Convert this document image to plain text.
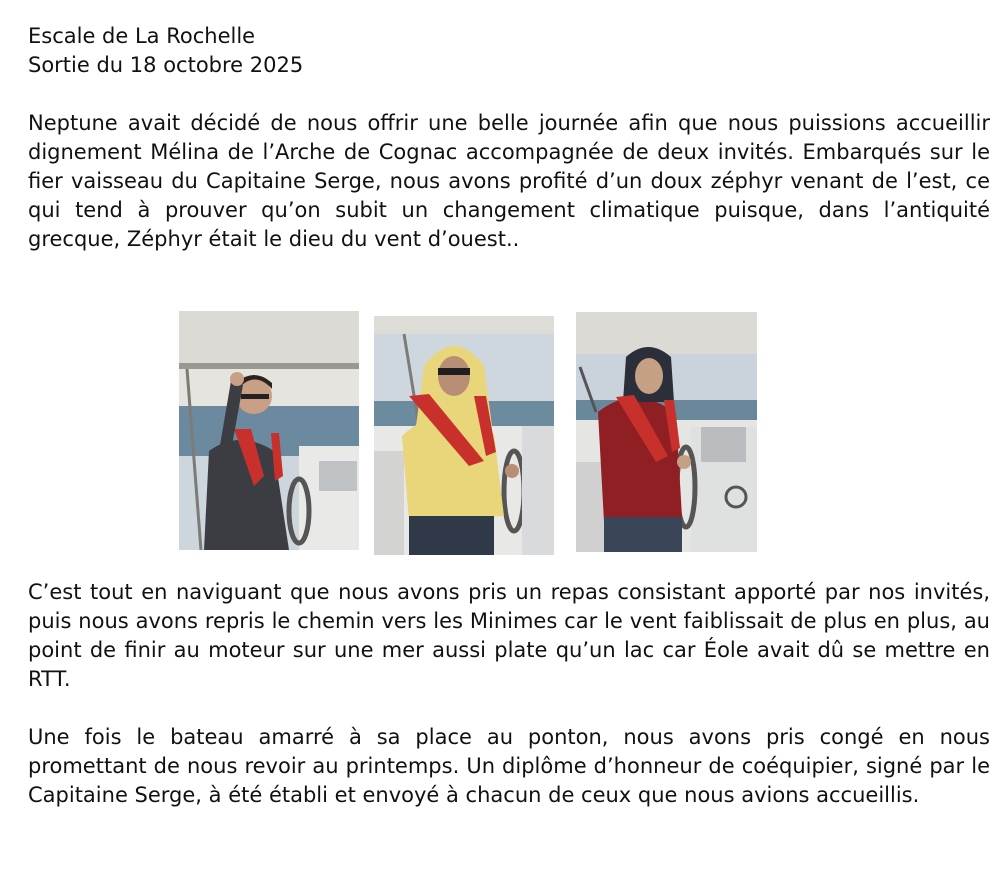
Escale de La Rochelle
Sortie du 18 octobre 2025

Neptune avait décidé de nous offrir une belle journée afin que nous puissions accueillir dignement Mélina de l’Arche de Cognac accompagnée de deux invités. Embarqués sur le fier vaisseau du Capitaine Serge, nous avons profité d’un doux zéphyr venant de l’est, ce qui tend à prouver qu’on subit un changement climatique puisque, dans l’antiquité grecque, Zéphyr était le dieu du vent d’ouest..

C’est tout en naviguant que nous avons pris un repas consistant apporté par nos invités, puis nous avons repris le chemin vers les Minimes car le vent faiblissait de plus en plus, au point de finir au moteur sur une mer aussi plate qu’un lac car Éole avait dû se mettre en RTT.

Une fois le bateau amarré à sa place au ponton, nous avons pris congé en nous promettant de nous revoir au printemps. Un diplôme d’honneur de coéquipier, signé par le Capitaine Serge, à été établi et envoyé à chacun de ceux que nous avions accueillis.
